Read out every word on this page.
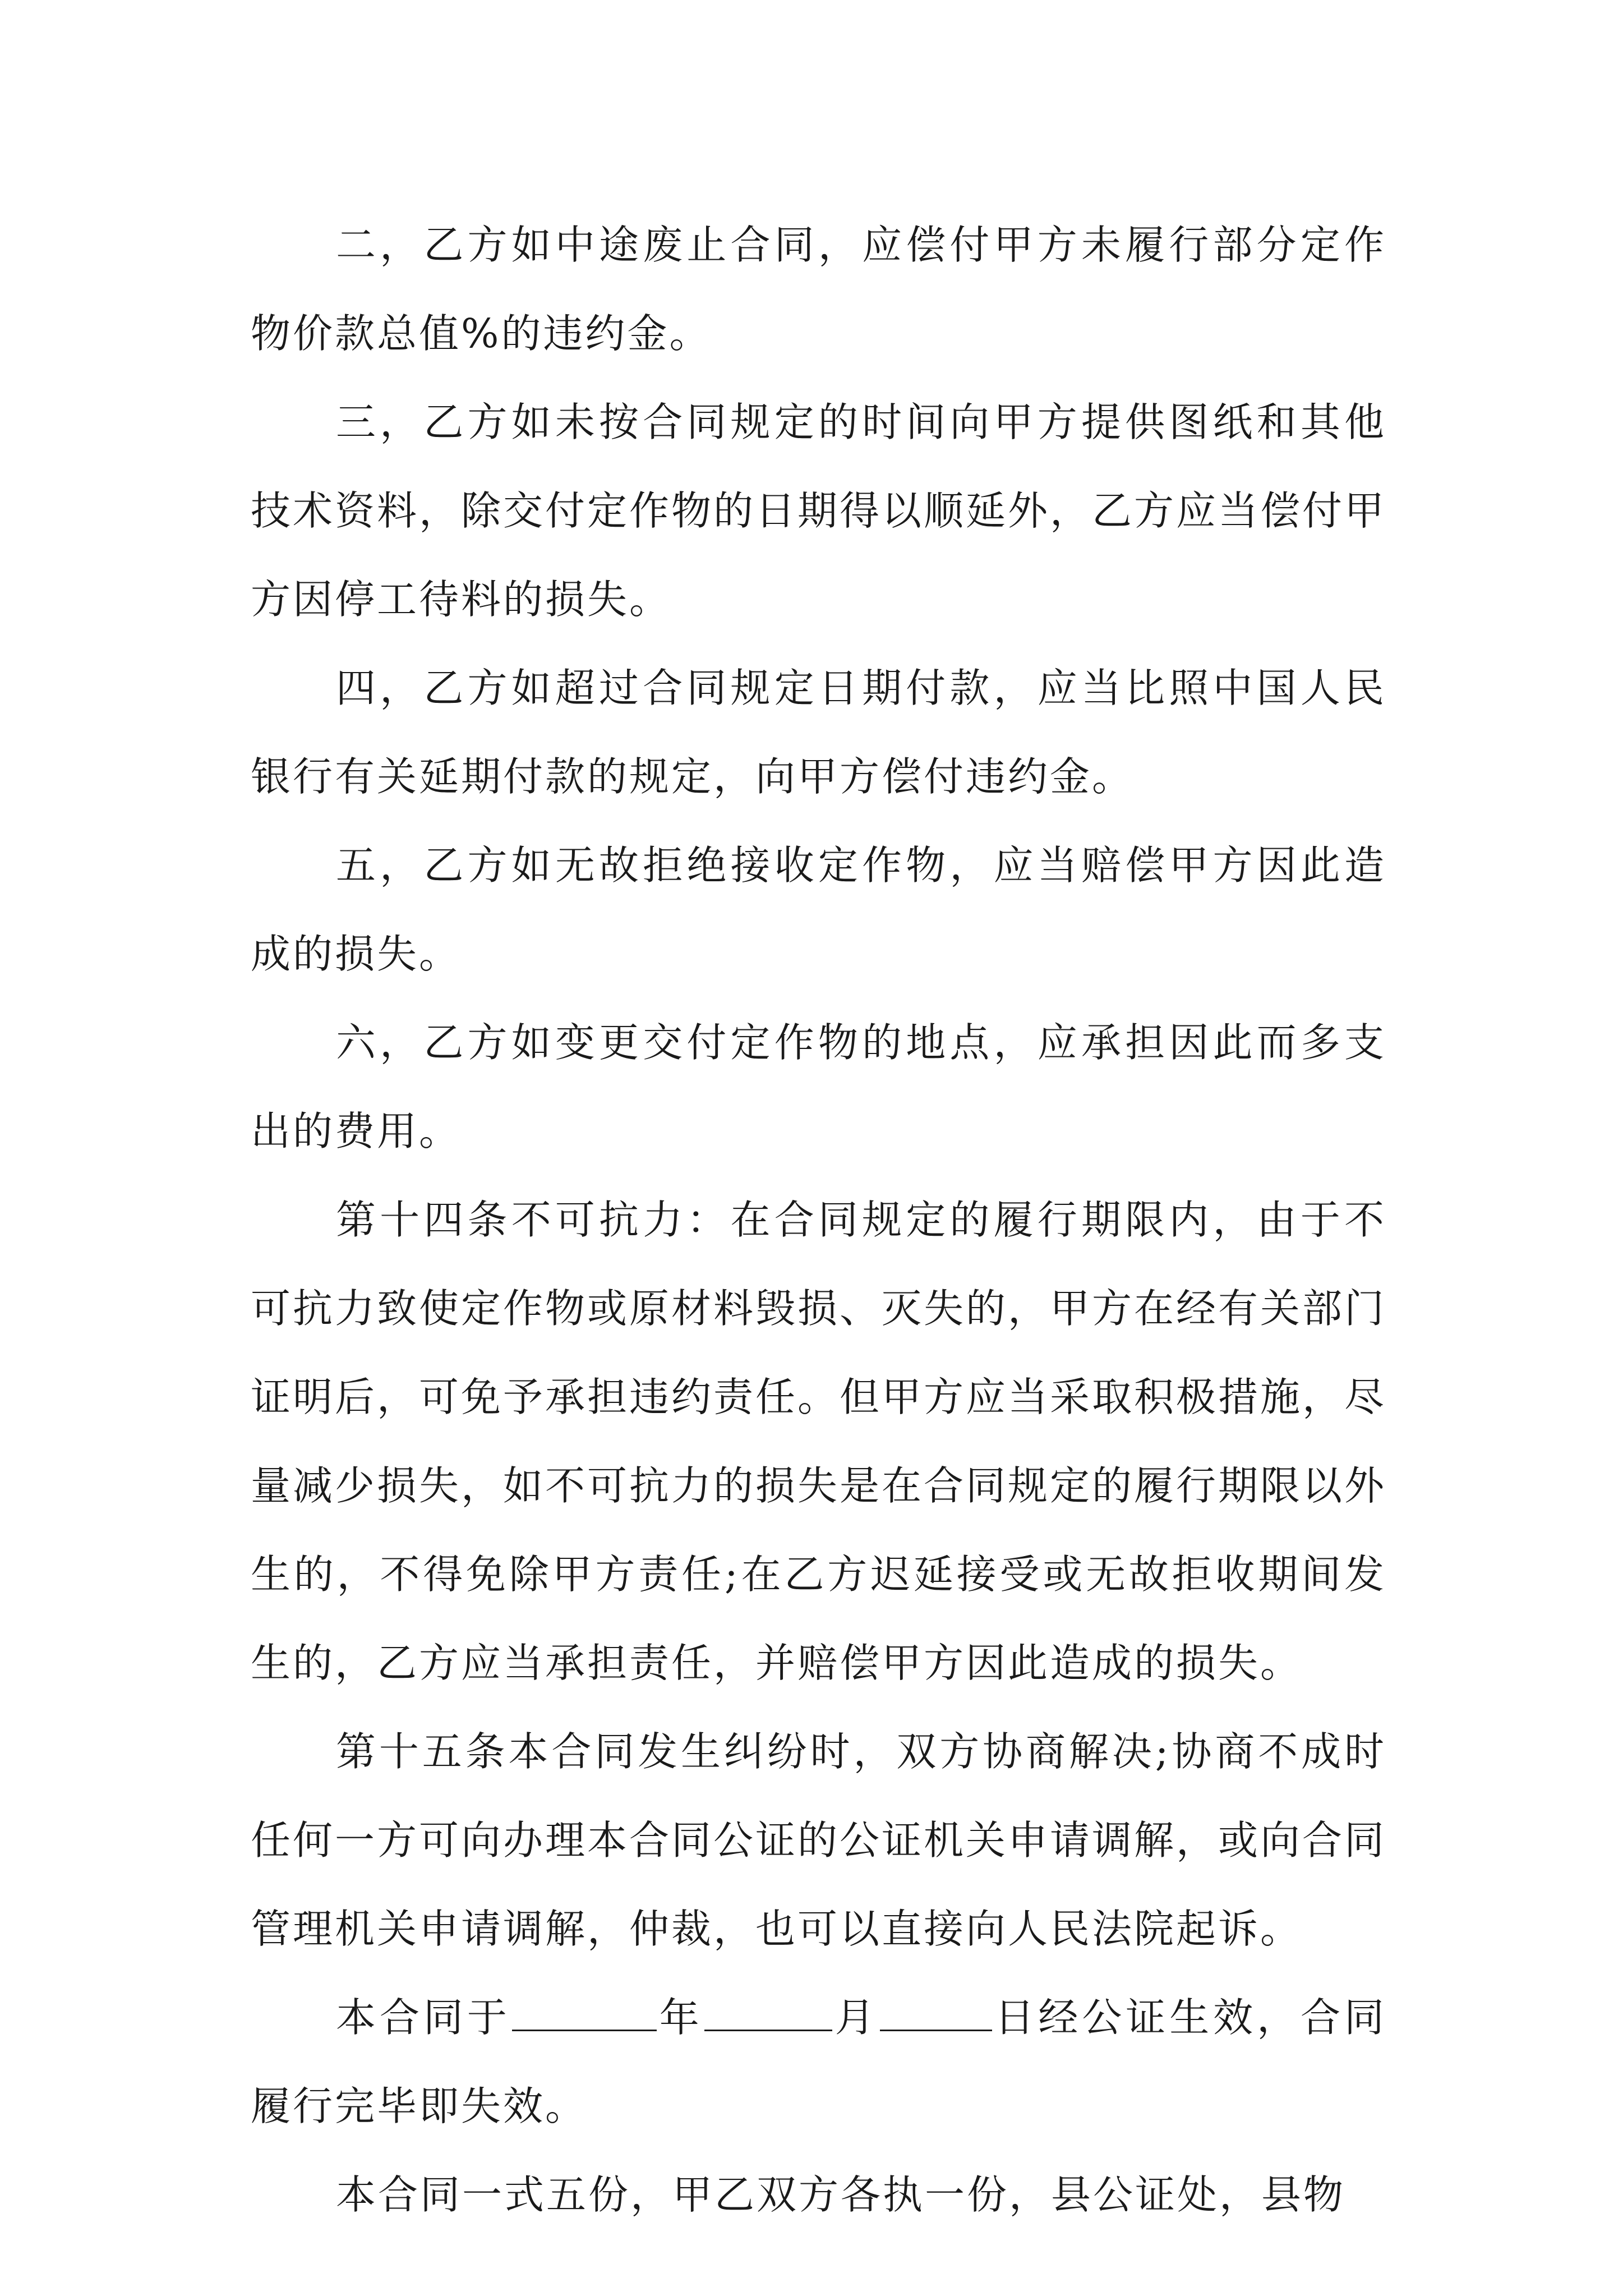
二，乙方如中途废止合同，应偿付甲方未履行部分定作物价款总值%的违约金。

三，乙方如未按合同规定的时间向甲方提供图纸和其他技术资料，除交付定作物的日期得以顺延外，乙方应当偿付甲方因停工待料的损失。

四，乙方如超过合同规定日期付款，应当比照中国人民银行有关延期付款的规定，向甲方偿付违约金。

五，乙方如无故拒绝接收定作物，应当赔偿甲方因此造成的损失。

六，乙方如变更交付定作物的地点，应承担因此而多支出的费用。

第十四条不可抗力：在合同规定的履行期限内，由于不可抗力致使定作物或原材料毁损、灭失的，甲方在经有关部门证明后，可免予承担违约责任。但甲方应当采取积极措施，尽量减少损失，如不可抗力的损失是在合同规定的履行期限以外生的，不得免除甲方责任;在乙方迟延接受或无故拒收期间发生的，乙方应当承担责任，并赔偿甲方因此造成的损失。

第十五条本合同发生纠纷时，双方协商解决;协商不成时任何一方可向办理本合同公证的公证机关申请调解，或向合同管理机关申请调解，仲裁，也可以直接向人民法院起诉。

本合同于	年	月	日经公证生效，合同履行完毕即失效。

本合同一式五份，甲乙双方各执一份，县公证处，县物
